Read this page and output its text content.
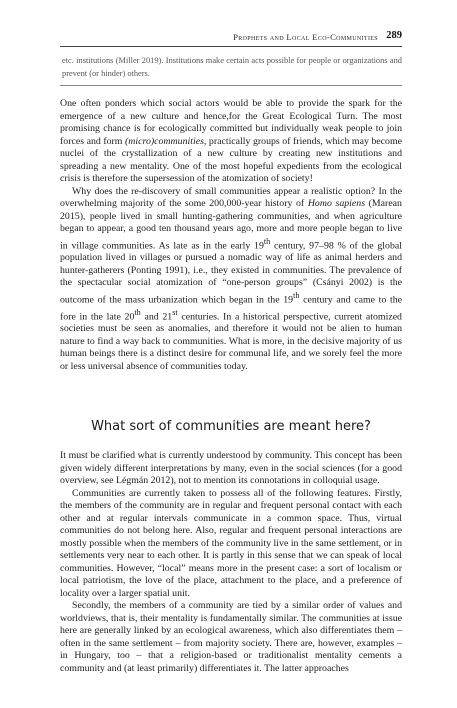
Prophets and Local Eco-Communities 289

etc. institutions (Miller 2019). Institutions make certain acts possible for people or organizations and prevent (or hinder) others.

One often ponders which social actors would be able to provide the spark for the emergence of a new culture and hence,for the Great Ecological Turn. The most promising chance is for ecologically committed but individually weak people to join forces and form (micro)communities, practically groups of friends, which may become nuclei of the crystallization of a new culture by creating new institutions and spreading a new mentality. One of the most hopeful expedients from the ecological crisis is therefore the supersession of the atomization of society!

Why does the re-discovery of small communities appear a realistic option? In the overwhelming majority of the some 200,000-year history of Homo sapiens (Marean 2015), people lived in small hunting-gathering communities, and when agriculture began to appear, a good ten thousand years ago, more and more people began to live in village communities. As late as in the early 19th century, 97–98 % of the global population lived in villages or pursued a nomadic way of life as animal herders and hunter-gatherers (Ponting 1991), i.e., they existed in communities. The prevalence of the spectacular social atomization of “one-person groups” (Csányi 2002) is the outcome of the mass urbanization which began in the 19th century and came to the fore in the late 20th and 21st centuries. In a historical perspective, current atomized societies must be seen as anomalies, and therefore it would not be alien to human nature to find a way back to communities. What is more, in the decisive majority of us human beings there is a distinct desire for communal life, and we sorely feel the more or less universal absence of communities today.

What sort of communities are meant here?

It must be clarified what is currently understood by community. This concept has been given widely different interpretations by many, even in the social sciences (for a good overview, see Légmán 2012), not to mention its connotations in colloquial usage.

Communities are currently taken to possess all of the following features. Firstly, the members of the community are in regular and frequent personal contact with each other and at regular intervals communicate in a common space. Thus, virtual communities do not belong here. Also, regular and frequent personal interactions are mostly possible when the members of the community live in the same settlement, or in settlements very near to each other. It is partly in this sense that we can speak of local communities. However, “local” means more in the present case: a sort of localism or local patriotism, the love of the place, attachment to the place, and a preference of locality over a larger spatial unit.

Secondly, the members of a community are tied by a similar order of values and worldviews, that is, their mentality is fundamentally similar. The communities at issue here are generally linked by an ecological awareness, which also differentiates them – often in the same settlement – from majority society. There are, however, examples – in Hungary, too – that a religion-based or traditionalist mentality cements a community and (at least primarily) differentiates it. The latter approaches
